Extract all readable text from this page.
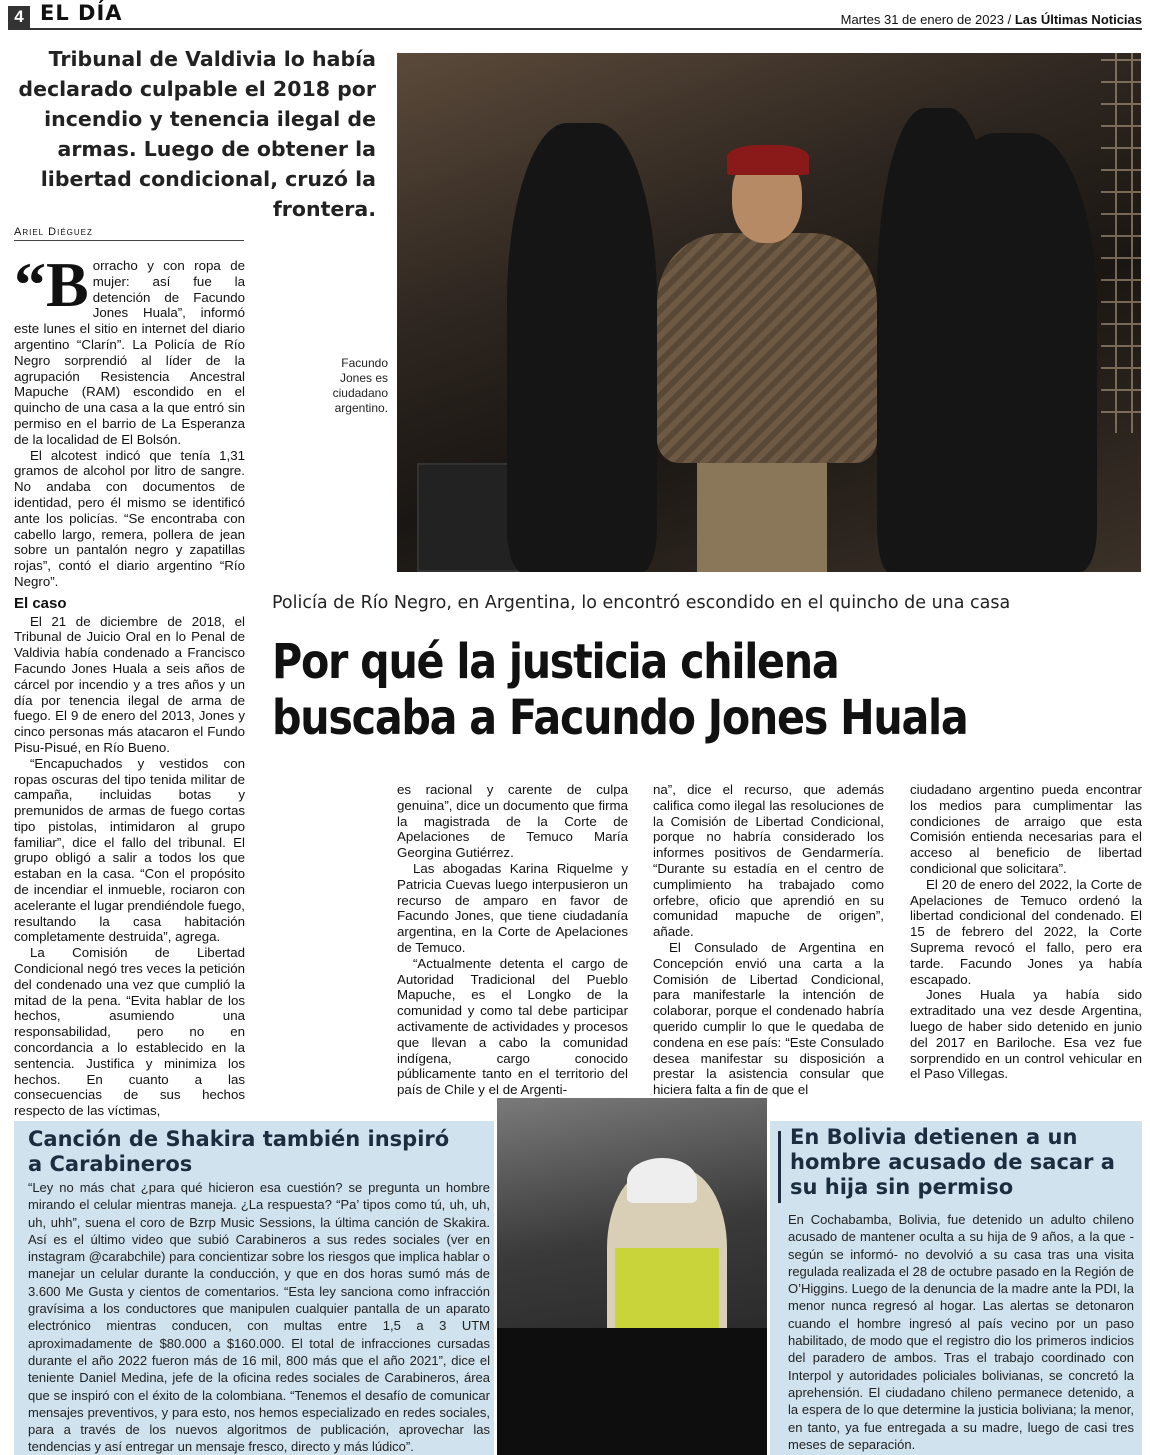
4 EL DÍA	Martes 31 de enero de 2023 / Las Últimas Noticias
Tribunal de Valdivia lo había declarado culpable el 2018 por incendio y tenencia ilegal de armas. Luego de obtener la libertad condicional, cruzó la frontera.
Ariel Diéguez

“B orracho y con ropa de mujer: así fue la detención de Facundo Jones Huala”, informó este lunes el sitio en internet del diario argentino “Clarín”. La Policía de Río Negro sorprendió al líder de la agrupación Resistencia Ancestral Mapuche (RAM) escondido en el quincho de una casa a la que entró sin permiso en el barrio de La Esperanza de la localidad de El Bolsón.

El alcotest indicó que tenía 1,31 gramos de alcohol por litro de sangre. No andaba con documentos de identidad, pero él mismo se identificó ante los policías. “Se encontraba con cabello largo, remera, pollera de jean sobre un pantalón negro y zapatillas rojas”, contó el diario argentino “Río Negro”.

El caso

El 21 de diciembre de 2018, el Tribunal de Juicio Oral en lo Penal de Valdivia había condenado a Francisco Facundo Jones Huala a seis años de cárcel por incendio y a tres años y un día por tenencia ilegal de arma de fuego. El 9 de enero del 2013, Jones y cinco personas más atacaron el Fundo Pisu-Pisué, en Río Bueno.

“Encapuchados y vestidos con ropas oscuras del tipo tenida militar de campaña, incluidas botas y premunidos de armas de fuego cortas tipo pistolas, intimidaron al grupo familiar”, dice el fallo del tribunal. El grupo obligó a salir a todos los que estaban en la casa. “Con el propósito de incendiar el inmueble, rociaron con acelerante el lugar prendiéndole fuego, resultando la casa habitación completamente destruida”, agrega.

La Comisión de Libertad Condicional negó tres veces la petición del condenado una vez que cumplió la mitad de la pena. “Evita hablar de los hechos, asumiendo una responsabilidad, pero no en concordancia a lo establecido en la sentencia. Justifica y minimiza los hechos. En cuanto a las consecuencias de sus hechos respecto de las víctimas,

Facundo Jones es ciudadano argentino.
Policía de Río Negro, en Argentina, lo encontró escondido en el quincho de una casa
Por qué la justicia chilena
buscaba a Facundo Jones Huala

es racional y carente de culpa genuina”, dice un documento que firma la magistrada de la Corte de Apelaciones de Temuco María Georgina Gutiérrez.

Las abogadas Karina Riquelme y Patricia Cuevas luego interpusieron un recurso de amparo en favor de Facundo Jones, que tiene ciudadanía argentina, en la Corte de Apelaciones de Temuco.

“Actualmente detenta el cargo de Autoridad Tradicional del Pueblo Mapuche, es el Longko de la comunidad y como tal debe participar activamente de actividades y procesos que llevan a cabo la comunidad indígena, cargo conocido públicamente tanto en el territorio del país de Chile y el de Argenti-

na”, dice el recurso, que además califica como ilegal las resoluciones de la Comisión de Libertad Condicional, porque no habría considerado los informes positivos de Gendarmería. “Durante su estadía en el centro de cumplimiento ha trabajado como orfebre, oficio que aprendió en su comunidad mapuche de origen”, añade.

El Consulado de Argentina en Concepción envió una carta a la Comisión de Libertad Condicional, para manifestarle la intención de colaborar, porque el condenado habría querido cumplir lo que le quedaba de condena en ese país: “Este Consulado desea manifestar su disposición a prestar la asistencia consular que hiciera falta a fin de que el

ciudadano argentino pueda encontrar los medios para cumplimentar las condiciones de arraigo que esta Comisión entienda necesarias para el acceso al beneficio de libertad condicional que solicitara”.

El 20 de enero del 2022, la Corte de Apelaciones de Temuco ordenó la libertad condicional del condenado. El 15 de febrero del 2022, la Corte Suprema revocó el fallo, pero era tarde. Facundo Jones ya había escapado.

Jones Huala ya había sido extraditado una vez desde Argentina, luego de haber sido detenido en junio del 2017 en Bariloche. Esa vez fue sorprendido en un control vehicular en el Paso Villegas.

Canción de Shakira también inspiró a Carabineros

“Ley no más chat ¿para qué hicieron esa cuestión? se pregunta un hombre mirando el celular mientras maneja. ¿La respuesta? “Pa’ tipos como tú, uh, uh, uh, uhh”, suena el coro de Bzrp Music Sessions, la última canción de Skakira. Así es el último video que subió Carabineros a sus redes sociales (ver en instagram @carabchile) para concientizar sobre los riesgos que implica hablar o manejar un celular durante la conducción, y que en dos horas sumó más de 3.600 Me Gusta y cientos de comentarios. “Esta ley sanciona como infracción gravísima a los conductores que manipulen cualquier pantalla de un aparato electrónico mientras conducen, con multas entre 1,5 a 3 UTM aproximadamente de $80.000 a $160.000. El total de infracciones cursadas durante el año 2022 fueron más de 16 mil, 800 más que el año 2021”, dice el teniente Daniel Medina, jefe de la oficina redes sociales de Carabineros, área que se inspiró con el éxito de la colombiana. “Tenemos el desafío de comunicar mensajes preventivos, y para esto, nos hemos especializado en redes sociales, para a través de los nuevos algoritmos de publicación, aprovechar las tendencias y así entregar un mensaje fresco, directo y más lúdico”.

En Bolivia detienen a un hombre acusado de sacar a su hija sin permiso

En Cochabamba, Bolivia, fue detenido un adulto chileno acusado de mantener oculta a su hija de 9 años, a la que -según se informó- no devolvió a su casa tras una visita regulada realizada el 28 de octubre pasado en la Región de O’Higgins. Luego de la denuncia de la madre ante la PDI, la menor nunca regresó al hogar. Las alertas se detonaron cuando el hombre ingresó al país vecino por un paso habilitado, de modo que el registro dio los primeros indicios del paradero de ambos. Tras el trabajo coordinado con Interpol y autoridades policiales bolivianas, se concretó la aprehensión. El ciudadano chileno permanece detenido, a la espera de lo que determine la justicia boliviana; la menor, en tanto, ya fue entregada a su madre, luego de casi tres meses de separación.
